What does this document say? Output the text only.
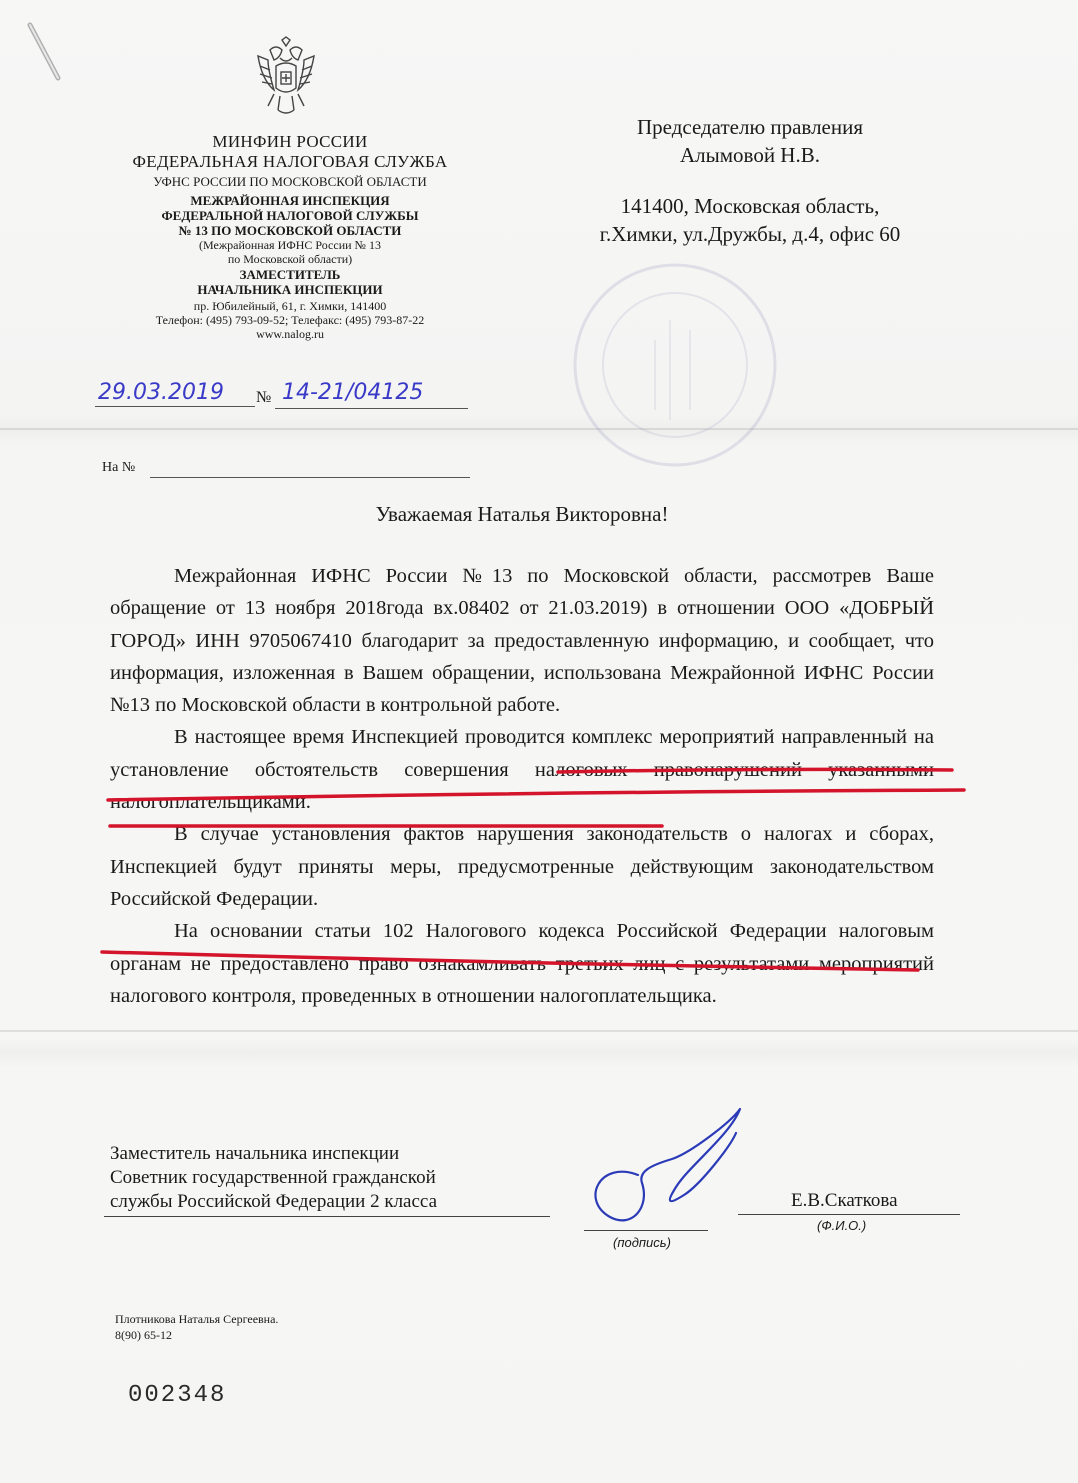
МИНФИН РОССИИ
ФЕДЕРАЛЬНАЯ НАЛОГОВАЯ СЛУЖБА
УФНС РОССИИ ПО МОСКОВСКОЙ ОБЛАСТИ
МЕЖРАЙОННАЯ ИНСПЕКЦИЯ
ФЕДЕРАЛЬНОЙ НАЛОГОВОЙ СЛУЖБЫ
№ 13 ПО МОСКОВСКОЙ ОБЛАСТИ
(Межрайонная ИФНС России № 13
по Московской области)
ЗАМЕСТИТЕЛЬ
НАЧАЛЬНИКА ИНСПЕКЦИИ
пр. Юбилейный, 61, г. Химки, 141400
Телефон: (495) 793-09-52; Телефакс: (495) 793-87-22
www.nalog.ru
29.03.2019 № 14-21/04125
На №
Председателю правления
Алымовой Н.В.
141400, Московская область,
г.Химки, ул.Дружбы, д.4, офис 60
Уважаемая Наталья Викторовна!

Межрайонная ИФНС России №13 по Московской области, рассмотрев Ваше обращение от 13 ноября 2018года вх.08402 от 21.03.2019) в отношении ООО «ДОБРЫЙ ГОРОД» ИНН 9705067410 благодарит за предоставленную информацию, и сообщает, что информация, изложенная в Вашем обращении, использована Межрайонной ИФНС России №13 по Московской области в контрольной работе.

В настоящее время Инспекцией проводится комплекс мероприятий направленный на установление обстоятельств совершения налоговых правонарушений указанными налогоплательщиками.

В случае установления фактов нарушения законодательств о налогах и сборах, Инспекцией будут приняты меры, предусмотренные действующим законодательством Российской Федерации.

На основании статьи 102 Налогового кодекса Российской Федерации налоговым органам не предоставлено право ознакамливать третьих лиц с результатами мероприятий налогового контроля, проведенных в отношении налогоплательщика.

Заместитель начальника инспекции
Советник государственной гражданской
службы Российской Федерации 2 класса
(подпись)
Е.В.Скаткова
(Ф.И.О.)
Плотникова Наталья Сергеевна.
8(90) 65-12
002348
